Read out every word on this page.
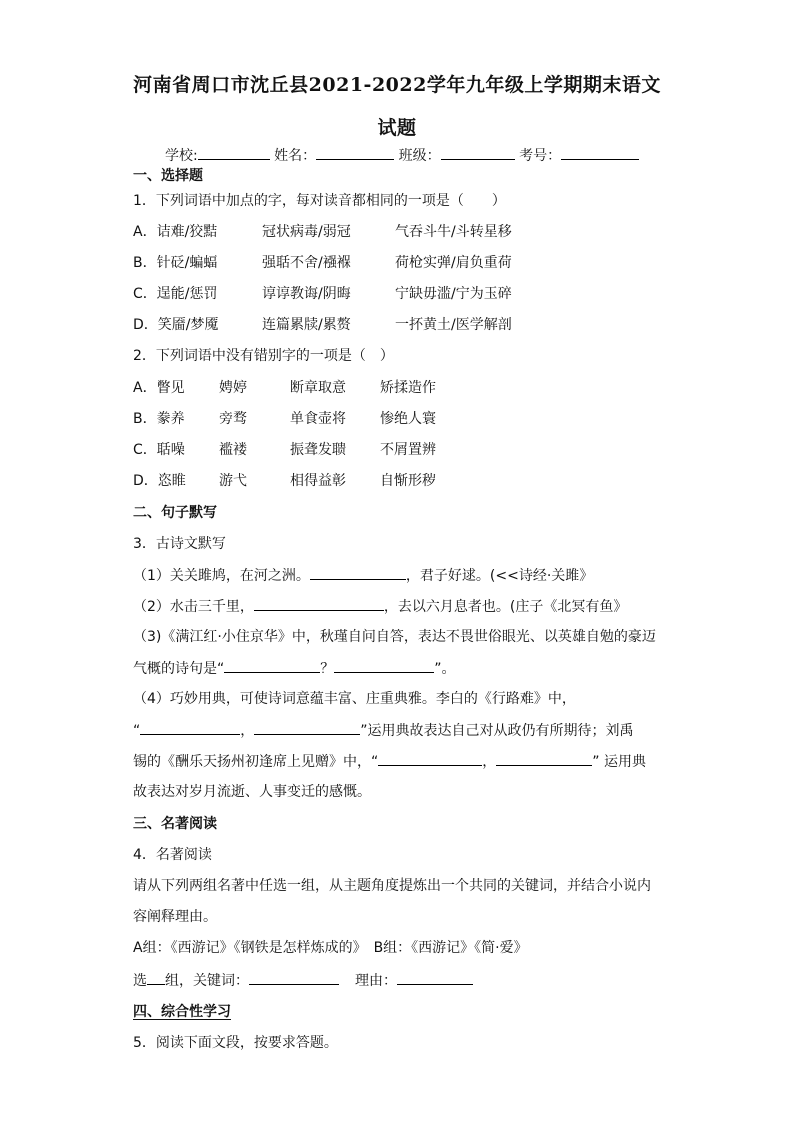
河南省周口市沈丘县2021-2022学年九年级上学期期末语文
试题
学校:	姓名：	班级：	考号：
一、选择题
1．下列词语中加点的字，每对读音都相同的一项是（　　）
A．诘难/狡黠	冠状病毒/弱冠	气吞斗牛/斗转星移
B．针砭/蝙蝠	强聒不舍/襁褓	荷枪实弹/肩负重荷
C．逞能/惩罚	谆谆教诲/阴晦	宁缺毋滥/宁为玉碎
D．笑靥/梦魇	连篇累牍/累赘	一抔黄土/医学解剖
2．下列词语中没有错别字的一项是（　）
A．瞥见 娉婷	断章取意 矫揉造作
B．豢养 旁骛	单食壶将 惨绝人寰
C．聒噪 褴褛	振聋发聩 不屑置辨
D．恣睢 游弋	相得益彰 自惭形秽
二、句子默写
3．古诗文默写
（1）关关雎鸠，在河之洲。	，君子好逑。(<<诗经·关雎》
（2）水击三千里，	，去以六月息者也。(庄子《北冥有鱼》
（3)《满江红·小住京华》中，秋瑾自问自答，表达不畏世俗眼光、以英雄自勉的豪迈
气概的诗句是“	？	”。
（4）巧妙用典，可使诗词意蕴丰富、庄重典雅。李白的《行路难》中，
“	，	”运用典故表达自己对从政仍有所期待；刘禹
锡的《酬乐天扬州初逢席上见赠》中，“	，	” 运用典
故表达对岁月流逝、人事变迁的感慨。
三、名著阅读
4．名著阅读
请从下列两组名著中任选一组，从主题角度提炼出一个共同的关键词，并结合小说内
容阐释理由。
A组：《西游记》《钢铁是怎样炼成的》　B组：《西游记》《简·爱》
选 组，关键词：	理由：
四、综合性学习
5．阅读下面文段，按要求答题。
